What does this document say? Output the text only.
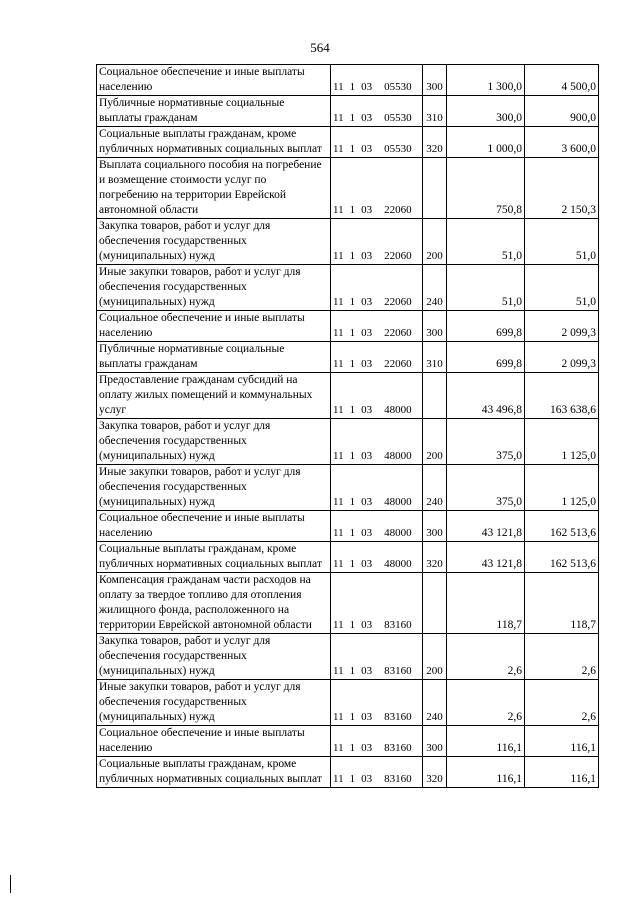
564
Социальное обеспечение и иные выплаты населению	11 1 03 05530	300	1 300,0	4 500,0
Публичные нормативные социальные выплаты гражданам	11 1 03 05530	310	300,0	900,0
Социальные выплаты гражданам, кроме публичных нормативных социальных выплат	11 1 03 05530	320	1 000,0	3 600,0
Выплата социального пособия на погребение и возмещение стоимости услуг по погребению на территории Еврейской автономной области	11 1 03 22060		750,8	2 150,3
Закупка товаров, работ и услуг для обеспечения государственных (муниципальных) нужд	11 1 03 22060	200	51,0	51,0
Иные закупки товаров, работ и услуг для обеспечения государственных (муниципальных) нужд	11 1 03 22060	240	51,0	51,0
Социальное обеспечение и иные выплаты населению	11 1 03 22060	300	699,8	2 099,3
Публичные нормативные социальные выплаты гражданам	11 1 03 22060	310	699,8	2 099,3
Предоставление гражданам субсидий на оплату жилых помещений и коммунальных услуг	11 1 03 48000		43 496,8	163 638,6
Закупка товаров, работ и услуг для обеспечения государственных (муниципальных) нужд	11 1 03 48000	200	375,0	1 125,0
Иные закупки товаров, работ и услуг для обеспечения государственных (муниципальных) нужд	11 1 03 48000	240	375,0	1 125,0
Социальное обеспечение и иные выплаты населению	11 1 03 48000	300	43 121,8	162 513,6
Социальные выплаты гражданам, кроме публичных нормативных социальных выплат	11 1 03 48000	320	43 121,8	162 513,6
Компенсация гражданам части расходов на оплату за твердое топливо для отопления жилищного фонда, расположенного на территории Еврейской автономной области	11 1 03 83160		118,7	118,7
Закупка товаров, работ и услуг для обеспечения государственных (муниципальных) нужд	11 1 03 83160	200	2,6	2,6
Иные закупки товаров, работ и услуг для обеспечения государственных (муниципальных) нужд	11 1 03 83160	240	2,6	2,6
Социальное обеспечение и иные выплаты населению	11 1 03 83160	300	116,1	116,1
Социальные выплаты гражданам, кроме публичных нормативных социальных выплат	11 1 03 83160	320	116,1	116,1
